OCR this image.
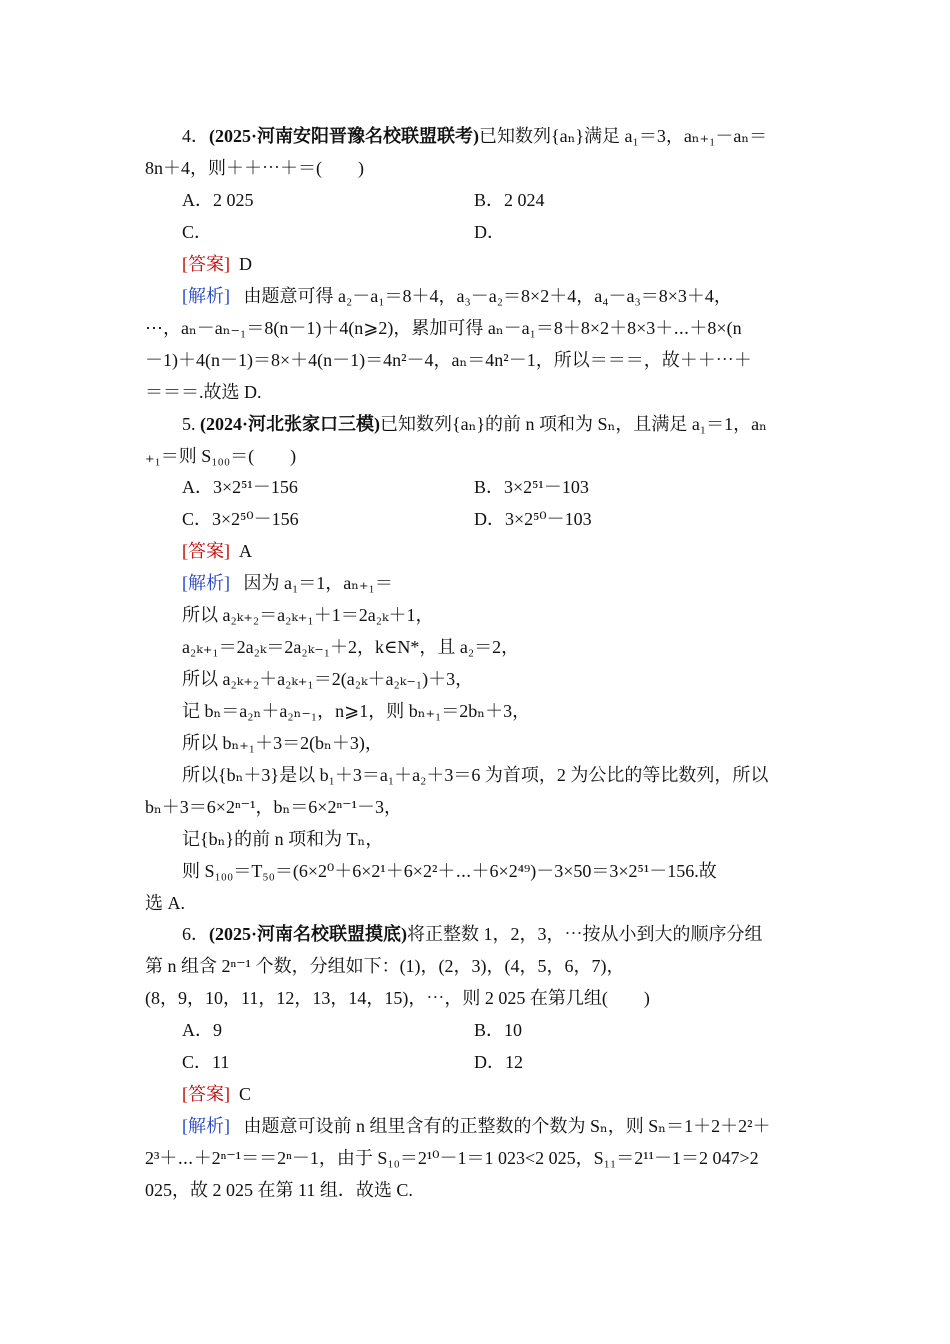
4．(2025·河南安阳晋豫名校联盟联考)已知数列{aₙ}满足 a₁＝3，aₙ₊₁－aₙ＝
8n＋4，则＋＋⋯＋＝(　　)
A．2 025	B．2 024
C．	D．
[答案] D
[解析] 由题意可得 a₂－a₁＝8＋4，a₃－a₂＝8×2＋4，a₄－a₃＝8×3＋4，
⋯，aₙ－aₙ₋₁＝8(n－1)＋4(n⩾2)，累加可得 aₙ－a₁＝8＋8×2＋8×3＋⋯＋8×(n
－1)＋4(n－1)＝8×＋4(n－1)＝4n²－4，aₙ＝4n²－1，所以＝＝＝，故＋＋⋯＋
＝＝＝.故选 D.
5. (2024·河北张家口三模)已知数列{aₙ}的前 n 项和为 Sₙ，且满足 a₁＝1，aₙ
₊₁＝则 S₁₀₀＝(　　)
A．3×2⁵¹－156	B．3×2⁵¹－103
C．3×2⁵⁰－156	D．3×2⁵⁰－103
[答案] A
[解析] 因为 a₁＝1，aₙ₊₁＝
所以 a₂ₖ₊₂＝a₂ₖ₊₁＋1＝2a₂ₖ＋1，
a₂ₖ₊₁＝2a₂ₖ＝2a₂ₖ₋₁＋2，k∈N*，且 a₂＝2，
所以 a₂ₖ₊₂＋a₂ₖ₊₁＝2(a₂ₖ＋a₂ₖ₋₁)＋3，
记 bₙ＝a₂ₙ＋a₂ₙ₋₁，n⩾1，则 bₙ₊₁＝2bₙ＋3，
所以 bₙ₊₁＋3＝2(bₙ＋3)，
所以{bₙ＋3}是以 b₁＋3＝a₁＋a₂＋3＝6 为首项，2 为公比的等比数列，所以
bₙ＋3＝6×2ⁿ⁻¹，bₙ＝6×2ⁿ⁻¹－3，
记{bₙ}的前 n 项和为 Tₙ，
则 S₁₀₀＝T₅₀＝(6×2⁰＋6×2¹＋6×2²＋⋯＋6×2⁴⁹)－3×50＝3×2⁵¹－156.故
选 A.
6．(2025·河南名校联盟摸底)将正整数 1，2，3，⋯按从小到大的顺序分组
第 n 组含 2ⁿ⁻¹ 个数，分组如下：(1)，(2，3)，(4，5，6，7)，
(8，9，10，11，12，13，14，15)，⋯，则 2 025 在第几组(　　)
A．9	B．10
C．11	D．12
[答案] C
[解析] 由题意可设前 n 组里含有的正整数的个数为 Sₙ，则 Sₙ＝1＋2＋2²＋
2³＋⋯＋2ⁿ⁻¹＝＝2ⁿ－1，由于 S₁₀＝2¹⁰－1＝1 023<2 025，S₁₁＝2¹¹－1＝2 047>2
025，故 2 025 在第 11 组．故选 C.
